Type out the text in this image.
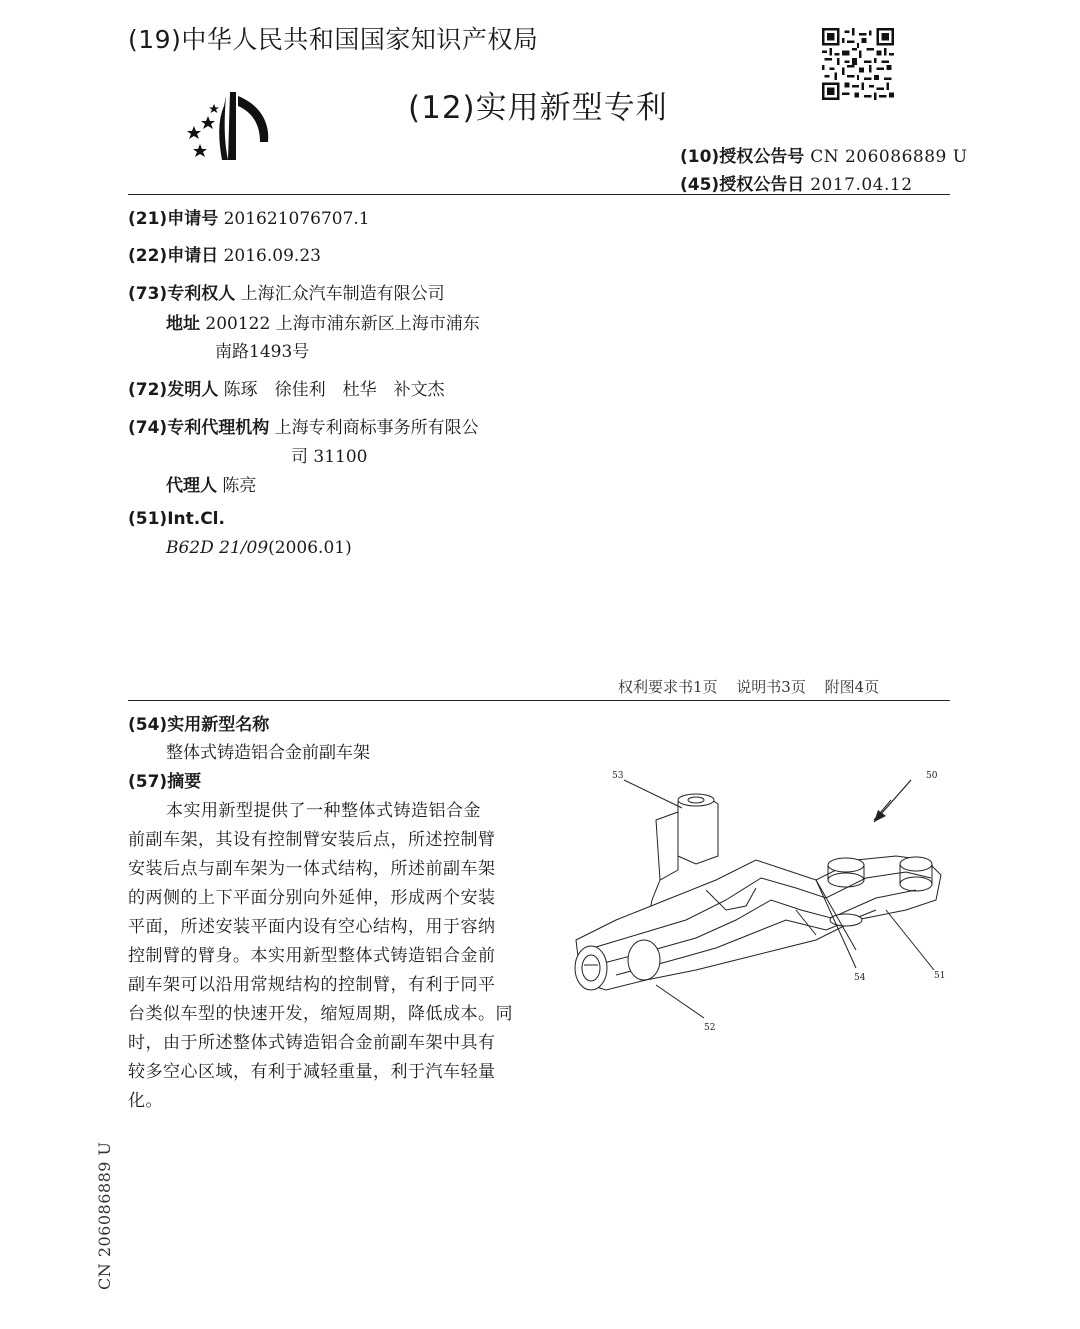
(19)中华人民共和国国家知识产权局
(12)实用新型专利
(10)授权公告号 CN 206086889 U
(45)授权公告日 2017.04.12
(21)申请号 201621076707.1
(22)申请日 2016.09.23
(73)专利权人 上海汇众汽车制造有限公司
地址 200122 上海市浦东新区上海市浦东
南路1493号
(72)发明人 陈琢　徐佳利　杜华　补文杰
(74)专利代理机构 上海专利商标事务所有限公
司 31100
代理人 陈亮
(51)Int.Cl.
B62D 21/09(2006.01)
权利要求书1页 说明书3页 附图4页
(54)实用新型名称
整体式铸造铝合金前副车架
(57)摘要
本实用新型提供了一种整体式铸造铝合金
前副车架，其设有控制臂安装后点，所述控制臂
安装后点与副车架为一体式结构，所述前副车架
的两侧的上下平面分别向外延伸，形成两个安装
平面，所述安装平面内设有空心结构，用于容纳
控制臂的臂身。本实用新型整体式铸造铝合金前
副车架可以沿用常规结构的控制臂，有利于同平
台类似车型的快速开发，缩短周期，降低成本。同
时，由于所述整体式铸造铝合金前副车架中具有
较多空心区域，有利于减轻重量，利于汽车轻量
化。
53	50
54	51
52
CN 206086889 U
